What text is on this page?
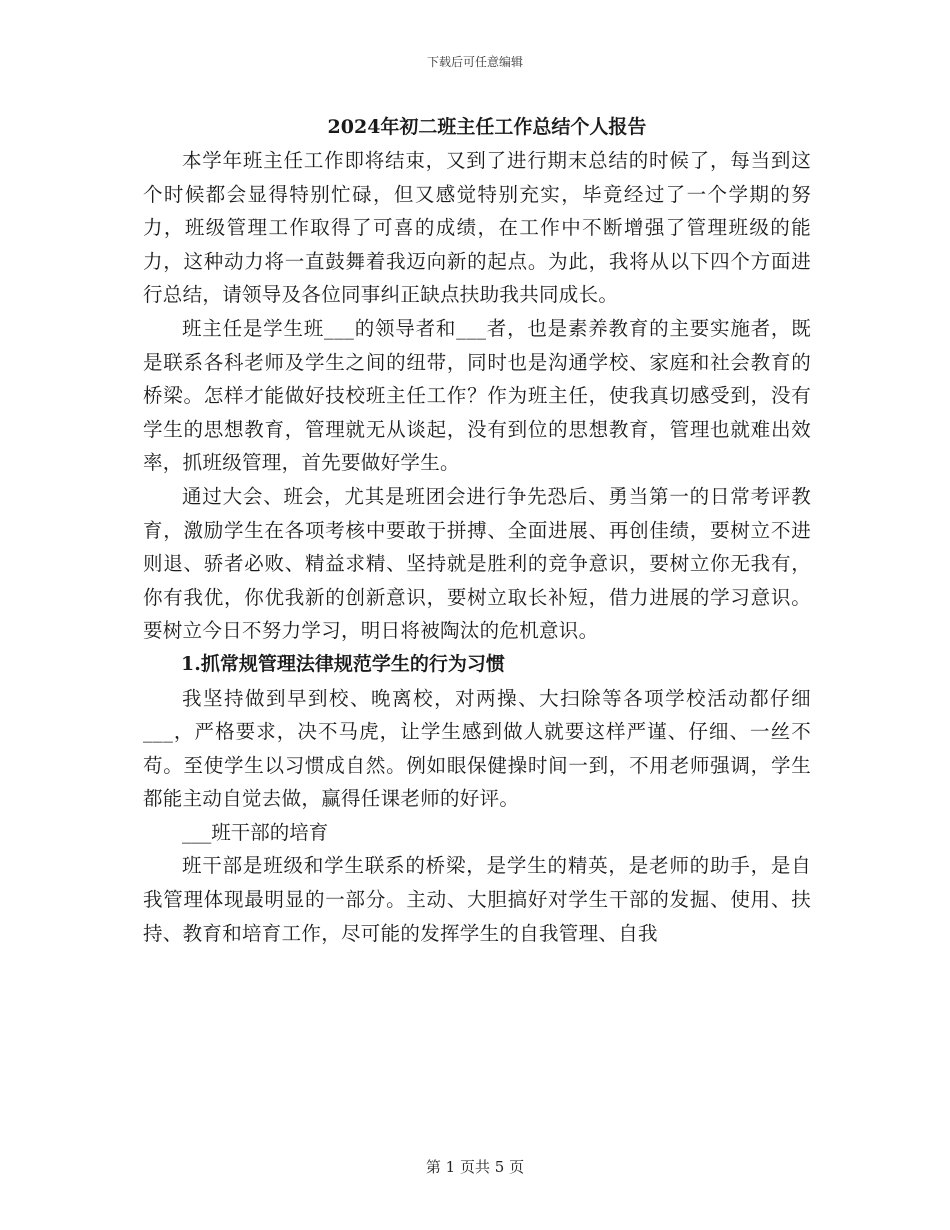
下载后可任意编辑
2024年初二班主任工作总结个人报告

本学年班主任工作即将结束，又到了进行期末总结的时候了，每当到这个时候都会显得特别忙碌，但又感觉特别充实，毕竟经过了一个学期的努力，班级管理工作取得了可喜的成绩，在工作中不断增强了管理班级的能力，这种动力将一直鼓舞着我迈向新的起点。为此，我将从以下四个方面进行总结，请领导及各位同事纠正缺点扶助我共同成长。

班主任是学生班___的领导者和___者，也是素养教育的主要实施者，既是联系各科老师及学生之间的纽带，同时也是沟通学校、家庭和社会教育的桥梁。怎样才能做好技校班主任工作？作为班主任，使我真切感受到，没有学生的思想教育，管理就无从谈起，没有到位的思想教育，管理也就难出效率，抓班级管理，首先要做好学生。

通过大会、班会，尤其是班团会进行争先恐后、勇当第一的日常考评教育，激励学生在各项考核中要敢于拼搏、全面进展、再创佳绩，要树立不进则退、骄者必败、精益求精、坚持就是胜利的竞争意识，要树立你无我有，你有我优，你优我新的创新意识，要树立取长补短，借力进展的学习意识。要树立今日不努力学习，明日将被陶汰的危机意识。

1.抓常规管理法律规范学生的行为习惯

我坚持做到早到校、晚离校，对两操、大扫除等各项学校活动都仔细___，严格要求，决不马虎，让学生感到做人就要这样严谨、仔细、一丝不苟。至使学生以习惯成自然。例如眼保健操时间一到，不用老师强调，学生都能主动自觉去做，赢得任课老师的好评。

___班干部的培育

班干部是班级和学生联系的桥梁，是学生的精英，是老师的助手，是自我管理体现最明显的一部分。主动、大胆搞好对学生干部的发掘、使用、扶持、教育和培育工作，尽可能的发挥学生的自我管理、自我

第 1 页共 5 页
